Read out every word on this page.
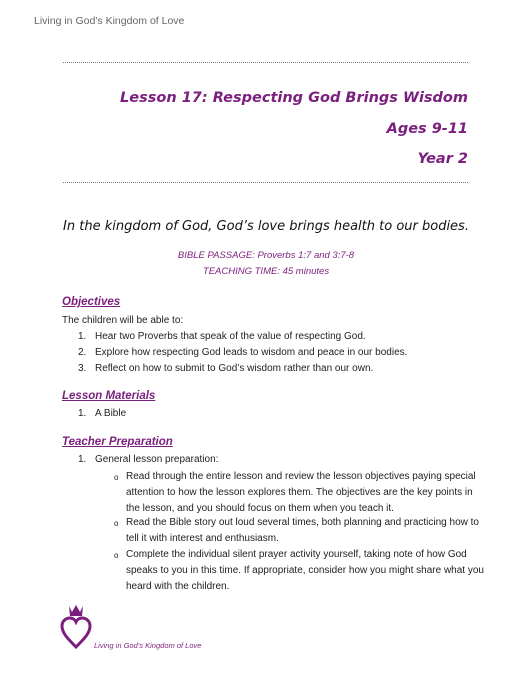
Living in God’s Kingdom of Love
Lesson 17: Respecting God Brings Wisdom
Ages 9-11
Year 2
In the kingdom of God, God’s love brings health to our bodies.
BIBLE PASSAGE: Proverbs 1:7 and 3:7-8
TEACHING TIME: 45 minutes
Objectives
The children will be able to:
1. Hear two Proverbs that speak of the value of respecting God.
2. Explore how respecting God leads to wisdom and peace in our bodies.
3. Reflect on how to submit to God’s wisdom rather than our own.
Lesson Materials
1. A Bible
Teacher Preparation
1. General lesson preparation:
o Read through the entire lesson and review the lesson objectives paying special
attention to how the lesson explores them. The objectives are the key points in
the lesson, and you should focus on them when you teach it.
o Read the Bible story out loud several times, both planning and practicing how to
tell it with interest and enthusiasm.
o Complete the individual silent prayer activity yourself, taking note of how God
speaks to you in this time. If appropriate, consider how you might share what you
heard with the children.
Living in God’s Kingdom of Love
